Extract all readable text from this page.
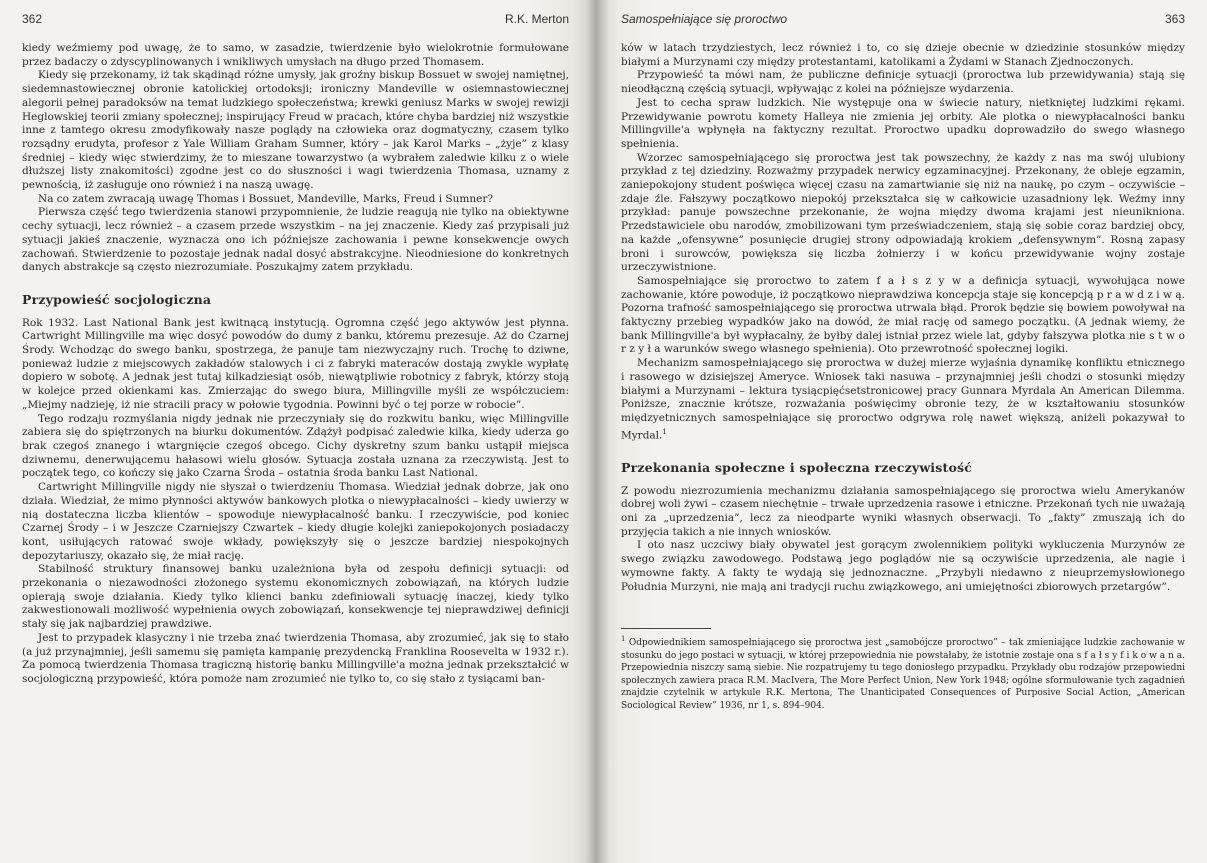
362	R.K. Merton

kiedy weźmiemy pod uwagę, że to samo, w zasadzie, twierdzenie było wielokrotnie formułowane przez badaczy o zdyscyplinowanych i wnikliwych umysłach na długo przed Thomasem.

Kiedy się przekonamy, iż tak skądinąd różne umysły, jak groźny biskup Bossuet w swojej namiętnej, siedemnastowiecznej obronie katolickiej ortodoksji; ironiczny Mandeville w osiemnastowiecznej alegorii pełnej paradoksów na temat ludzkiego społeczeństwa; krewki geniusz Marks w swojej rewizji Heglowskiej teorii zmiany społecznej; inspirujący Freud w pracach, które chyba bardziej niż wszystkie inne z tamtego okresu zmodyfikowały nasze poglądy na człowieka oraz dogmatyczny, czasem tylko rozsądny erudyta, profesor z Yale William Graham Sumner, który – jak Karol Marks – „żyje” z klasy średniej – kiedy więc stwierdzimy, że to mieszane towarzystwo (a wybrałem zaledwie kilku z o wiele dłuższej listy znakomitości) zgodne jest co do słuszności i wagi twierdzenia Thomasa, uznamy z pewnością, iż zasługuje ono również i na naszą uwagę.

Na co zatem zwracają uwagę Thomas i Bossuet, Mandeville, Marks, Freud i Sumner?

Pierwsza część tego twierdzenia stanowi przypomnienie, że ludzie reagują nie tylko na obiektywne cechy sytuacji, lecz również – a czasem przede wszystkim – na jej znaczenie. Kiedy zaś przypisali już sytuacji jakieś znaczenie, wyznacza ono ich późniejsze zachowania i pewne konsekwencje owych zachowań. Stwierdzenie to pozostaje jednak nadal dosyć abstrakcyjne. Nieodniesione do konkretnych danych abstrakcje są często niezrozumiałe. Poszukajmy zatem przykładu.

Przypowieść socjologiczna

Rok 1932. Last National Bank jest kwitnącą instytucją. Ogromna część jego aktywów jest płynna. Cartwright Millingville ma więc dosyć powodów do dumy z banku, któremu prezesuje. Aż do Czarnej Środy. Wchodząc do swego banku, spostrzega, że panuje tam niezwyczajny ruch. Trochę to dziwne, ponieważ ludzie z miejscowych zakładów stalowych i ci z fabryki materaców dostają zwykle wypłatę dopiero w sobotę. A jednak jest tutaj kilkadziesiąt osób, niewątpliwie robotnicy z fabryk, którzy stoją w kolejce przed okienkami kas. Zmierzając do swego biura, Millingville myśli ze współczuciem: „Miejmy nadzieję, iż nie stracili pracy w połowie tygodnia. Powinni być o tej porze w robocie”.

Tego rodzaju rozmyślania nigdy jednak nie przeczyniały się do rozkwitu banku, więc Millingville zabiera się do spiętrzonych na biurku dokumentów. Zdążył podpisać zaledwie kilka, kiedy uderza go brak czegoś znanego i wtargnięcie czegoś obcego. Cichy dyskretny szum banku ustąpił miejsca dziwnemu, denerwującemu hałasowi wielu głosów. Sytuacja została uznana za rzeczywistą. Jest to początek tego, co kończy się jako Czarna Środa – ostatnia środa banku Last National.

Cartwright Millingville nigdy nie słyszał o twierdzeniu Thomasa. Wiedział jednak dobrze, jak ono działa. Wiedział, że mimo płynności aktywów bankowych plotka o niewypłacalności – kiedy uwierzy w nią dostateczna liczba klientów – spowoduje niewypłacalność banku. I rzeczywiście, pod koniec Czarnej Środy – i w Jeszcze Czarniejszy Czwartek – kiedy długie kolejki zaniepokojonych posiadaczy kont, usiłujących ratować swoje wkłady, powiększyły się o jeszcze bardziej niespokojnych depozytariuszy, okazało się, że miał rację.

Stabilność struktury finansowej banku uzależniona była od zespołu definicji sytuacji: od przekonania o niezawodności złożonego systemu ekonomicznych zobowiązań, na których ludzie opierają swoje działania. Kiedy tylko klienci banku zdefiniowali sytuację inaczej, kiedy tylko zakwestionowali możliwość wypełnienia owych zobowiązań, konsekwencje tej nieprawdziwej definicji stały się jak najbardziej prawdziwe.

Jest to przypadek klasyczny i nie trzeba znać twierdzenia Thomasa, aby zrozumieć, jak się to stało (a już przynajmniej, jeśli samemu się pamięta kampanię prezydencką Franklina Roosevelta w 1932 r.). Za pomocą twierdzenia Thomasa tragiczną historię banku Millingville'a można jednak przekształcić w socjologiczną przypowieść, która pomoże nam zrozumieć nie tylko to, co się stało z tysiącami ban-

Samospełniające się proroctwo	363

ków w latach trzydziestych, lecz również i to, co się dzieje obecnie w dziedzinie stosunków między białymi a Murzynami czy między protestantami, katolikami a Żydami w Stanach Zjednoczonych.

Przypowieść ta mówi nam, że publiczne definicje sytuacji (proroctwa lub przewidywania) stają się nieodłączną częścią sytuacji, wpływając z kolei na późniejsze wydarzenia.

Jest to cecha spraw ludzkich. Nie występuje ona w świecie natury, nietkniętej ludzkimi rękami. Przewidywanie powrotu komety Halleya nie zmienia jej orbity. Ale plotka o niewypłacalności banku Millingville'a wpłynęła na faktyczny rezultat. Proroctwo upadku doprowadziło do swego własnego spełnienia.

Wzorzec samospełniającego się proroctwa jest tak powszechny, że każdy z nas ma swój ulubiony przykład z tej dziedziny. Rozważmy przypadek nerwicy egzaminacyjnej. Przekonany, że obleje egzamin, zaniepokojony student poświęca więcej czasu na zamartwianie się niż na naukę, po czym – oczywiście – zdaje źle. Fałszywy początkowo niepokój przekształca się w całkowicie uzasadniony lęk. Weźmy inny przykład: panuje powszechne przekonanie, że wojna między dwoma krajami jest nieunikniona. Przedstawiciele obu narodów, zmobilizowani tym przeświadczeniem, stają się sobie coraz bardziej obcy, na każde „ofensywne” posunięcie drugiej strony odpowiadają krokiem „defensywnym”. Rosną zapasy broni i surowców, powiększa się liczba żołnierzy i w końcu przewidywanie wojny zostaje urzeczywistnione.

Samospełniające się proroctwo to zatem f a ł s z y w a definicja sytuacji, wywołująca nowe zachowanie, które powoduje, iż początkowo nieprawdziwa koncepcja staje się koncepcją p r a w d z i w ą. Pozorna trafność samospełniającego się proroctwa utrwala błąd. Prorok będzie się bowiem powoływał na faktyczny przebieg wypadków jako na dowód, że miał rację od samego początku. (A jednak wiemy, że bank Millingville'a był wypłacalny, że byłby dalej istniał przez wiele lat, gdyby fałszywa plotka nie s t w o r z y ł a warunków swego własnego spełnienia). Oto przewrotność społecznej logiki.

Mechanizm samospełniającego się proroctwa w dużej mierze wyjaśnia dynamikę konfliktu etnicznego i rasowego w dzisiejszej Ameryce. Wniosek taki nasuwa – przynajmniej jeśli chodzi o stosunki między białymi a Murzynami – lektura tysiącpięćsetstronicowej pracy Gunnara Myrdala An American Dilemma. Poniższe, znacznie krótsze, rozważania poświęcimy obronie tezy, że w kształtowaniu stosunków międzyetnicznych samospełniające się proroctwo odgrywa rolę nawet większą, aniżeli pokazywał to Myrdal.$^1$

Przekonania społeczne i społeczna rzeczywistość

Z powodu niezrozumienia mechanizmu działania samospełniającego się proroctwa wielu Amerykanów dobrej woli żywi – czasem niechętnie – trwałe uprzedzenia rasowe i etniczne. Przekonań tych nie uważają oni za „uprzedzenia”, lecz za nieodparte wyniki własnych obserwacji. To „fakty” zmuszają ich do przyjęcia takich a nie innych wniosków.

I oto nasz uczciwy biały obywatel jest gorącym zwolennikiem polityki wykluczenia Murzynów ze swego związku zawodowego. Podstawą jego poglądów nie są oczywiście uprzedzenia, ale nagie i wymowne fakty. A fakty te wydają się jednoznaczne. „Przybyli niedawno z nieuprzemysłowionego Południa Murzyni, nie mają ani tradycji ruchu związkowego, ani umiejętności zbiorowych przetargów”.

$^1$ Odpowiednikiem samospełniającego się proroctwa jest „samobójcze proroctwo” – tak zmieniające ludzkie zachowanie w stosunku do jego postaci w sytuacji, w której przepowiednia nie powstałaby, że istotnie zostaje ona s f a ł s y f i k o w a n a. Przepowiednia niszczy samą siebie. Nie rozpatrujemy tu tego doniosłego przypadku. Przykłady obu rodzajów przepowiedni społecznych zawiera praca R.M. MacIvera, The More Perfect Union, New York 1948; ogólne sformułowanie tych zagadnień znajdzie czytelnik w artykule R.K. Mertona, The Unanticipated Consequences of Purposive Social Action, „American Sociological Review” 1936, nr 1, s. 894–904.
